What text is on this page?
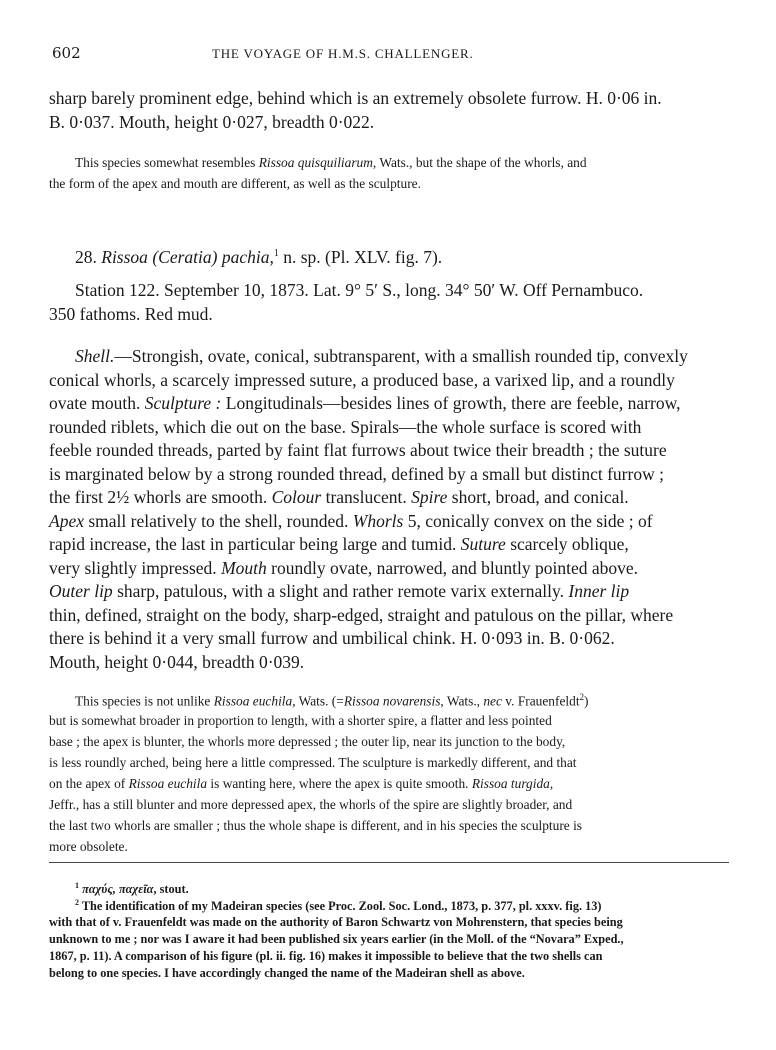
602	THE VOYAGE OF H.M.S. CHALLENGER.
sharp barely prominent edge, behind which is an extremely obsolete furrow. H. 0·06 in.
B. 0·037. Mouth, height 0·027, breadth 0·022.
This species somewhat resembles Rissoa quisquiliarum, Wats., but the shape of the whorls, and
the form of the apex and mouth are different, as well as the sculpture.
28. Rissoa (Ceratia) pachia,$^1$ n. sp. (Pl. XLV. fig. 7).
Station 122. September 10, 1873. Lat. 9° 5′ S., long. 34° 50′ W. Off Pernambuco.
350 fathoms. Red mud.
Shell.—Strongish, ovate, conical, subtransparent, with a smallish rounded tip, convexly
conical whorls, a scarcely impressed suture, a produced base, a varixed lip, and a roundly
ovate mouth. Sculpture : Longitudinals—besides lines of growth, there are feeble, narrow,
rounded riblets, which die out on the base. Spirals—the whole surface is scored with
feeble rounded threads, parted by faint flat furrows about twice their breadth ; the suture
is marginated below by a strong rounded thread, defined by a small but distinct furrow ;
the first 2½ whorls are smooth. Colour translucent. Spire short, broad, and conical.
Apex small relatively to the shell, rounded. Whorls 5, conically convex on the side ; of
rapid increase, the last in particular being large and tumid. Suture scarcely oblique,
very slightly impressed. Mouth roundly ovate, narrowed, and bluntly pointed above.
Outer lip sharp, patulous, with a slight and rather remote varix externally. Inner lip
thin, defined, straight on the body, sharp-edged, straight and patulous on the pillar, where
there is behind it a very small furrow and umbilical chink. H. 0·093 in. B. 0·062.
Mouth, height 0·044, breadth 0·039.
This species is not unlike Rissoa euchila, Wats. (=Rissoa novarensis, Wats., nec v. Frauenfeldt$^2$)
but is somewhat broader in proportion to length, with a shorter spire, a flatter and less pointed
base ; the apex is blunter, the whorls more depressed ; the outer lip, near its junction to the body,
is less roundly arched, being here a little compressed. The sculpture is markedly different, and that
on the apex of Rissoa euchila is wanting here, where the apex is quite smooth. Rissoa turgida,
Jeffr., has a still blunter and more depressed apex, the whorls of the spire are slightly broader, and
the last two whorls are smaller ; thus the whole shape is different, and in his species the sculpture is
more obsolete.
$^1$ παχύς, παχεῖα, stout.
$^2$ The identification of my Madeiran species (see Proc. Zool. Soc. Lond., 1873, p. 377, pl. xxxv. fig. 13)
with that of v. Frauenfeldt was made on the authority of Baron Schwartz von Mohrenstern, that species being
unknown to me ; nor was I aware it had been published six years earlier (in the Moll. of the “Novara” Exped.,
1867, p. 11). A comparison of his figure (pl. ii. fig. 16) makes it impossible to believe that the two shells can
belong to one species. I have accordingly changed the name of the Madeiran shell as above.
